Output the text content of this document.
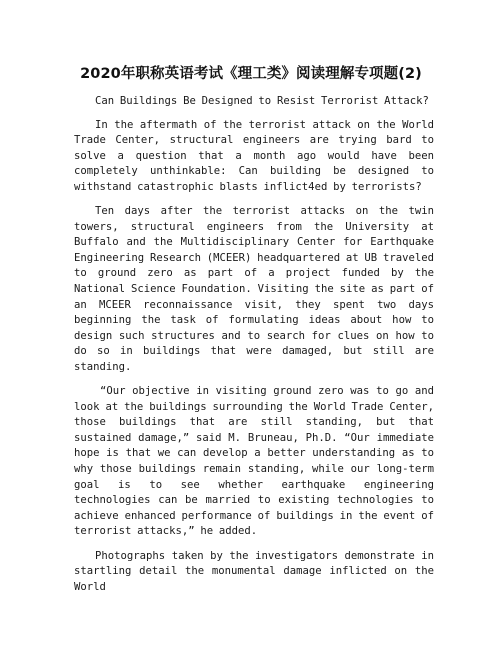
2020年职称英语考试《理工类》阅读理解专项题(2)

Can Buildings Be Designed to Resist Terrorist Attack?

In the aftermath of the terrorist attack on the World Trade Center, structural engineers are trying bard to solve a question that a month ago would have been completely unthinkable: Can building be designed to withstand catastrophic blasts inflict4ed by terrorists?

Ten days after the terrorist attacks on the twin towers, structural engineers from the University at Buffalo and the Multidisciplinary Center for Earthquake Engineering Research (MCEER) headquartered at UB traveled to ground zero as part of a project funded by the National Science Foundation. Visiting the site as part of an MCEER reconnaissance visit, they spent two days beginning the task of formulating ideas about how to design such structures and to search for clues on how to do so in buildings that were damaged, but still are standing.

“Our objective in visiting ground zero was to go and look at the buildings surrounding the World Trade Center, those buildings that are still standing, but that sustained damage,” said M. Bruneau, Ph.D. “Our immediate hope is that we can develop a better understanding as to why those buildings remain standing, while our long-term goal is to see whether earthquake engineering technologies can be married to existing technologies to achieve enhanced performance of buildings in the event of terrorist attacks,” he added.

Photographs taken by the investigators demonstrate in startling detail the monumental damage inflicted on the World
